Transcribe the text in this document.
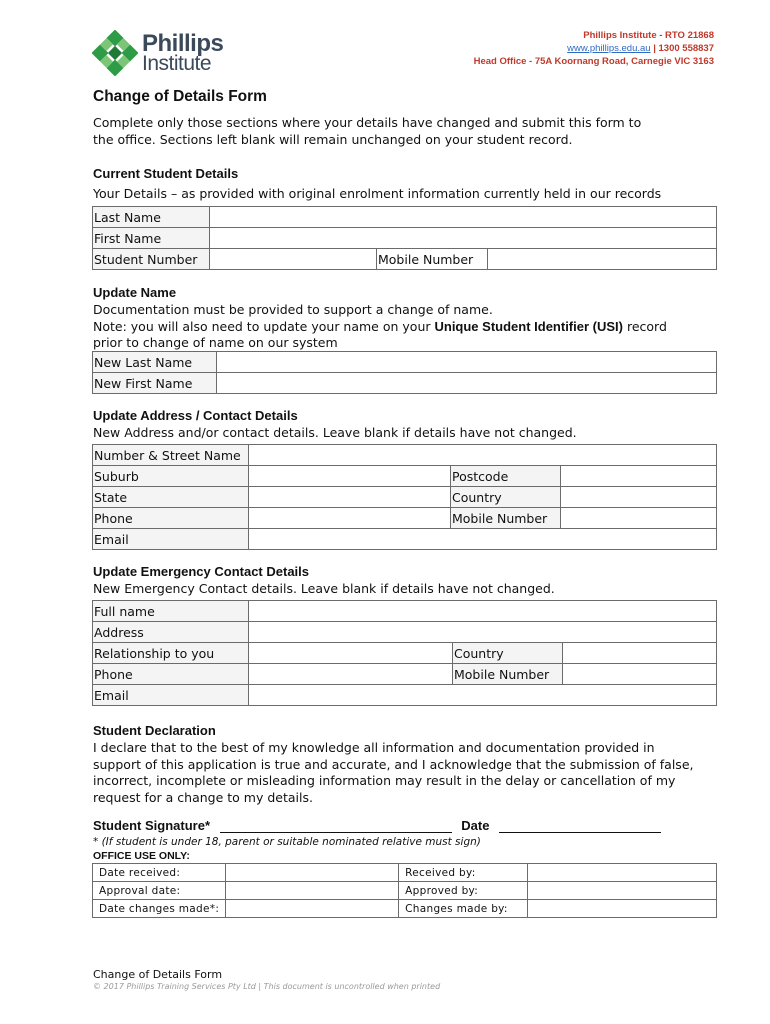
Phillips
Institute
Phillips Institute - RTO 21868
www.phillips.edu.au | 1300 558837
Head Office - 75A Koornang Road, Carnegie VIC 3163
Change of Details Form
Complete only those sections where your details have changed and submit this form to
the office. Sections left blank will remain unchanged on your student record.
Current Student Details
Your Details – as provided with original enrolment information currently held in our records
Last Name			
First Name			
Student Number		Mobile Number	
Update Name
Documentation must be provided to support a change of name.
Note: you will also need to update your name on your Unique Student Identifier (USI) record
prior to change of name on our system
New Last Name	
New First Name	
Update Address / Contact Details
New Address and/or contact details. Leave blank if details have not changed.
Number & Street Name			
Suburb		Postcode	
State		Country	
Phone		Mobile Number	
Email			
Update Emergency Contact Details
New Emergency Contact details. Leave blank if details have not changed.
Full name			
Address			
Relationship to you		Country	
Phone		Mobile Number	
Email			
Student Declaration
I declare that to the best of my knowledge all information and documentation provided in
support of this application is true and accurate, and I acknowledge that the submission of false,
incorrect, incomplete or misleading information may result in the delay or cancellation of my
request for a change to my details.
Student Signature*	Date
* (If student is under 18, parent or suitable nominated relative must sign)
OFFICE USE ONLY:
Date received:		Received by:	
Approval date:		Approved by:	
Date changes made*:		Changes made by:	
Change of Details Form
© 2017 Phillips Training Services Pty Ltd | This document is uncontrolled when printed
